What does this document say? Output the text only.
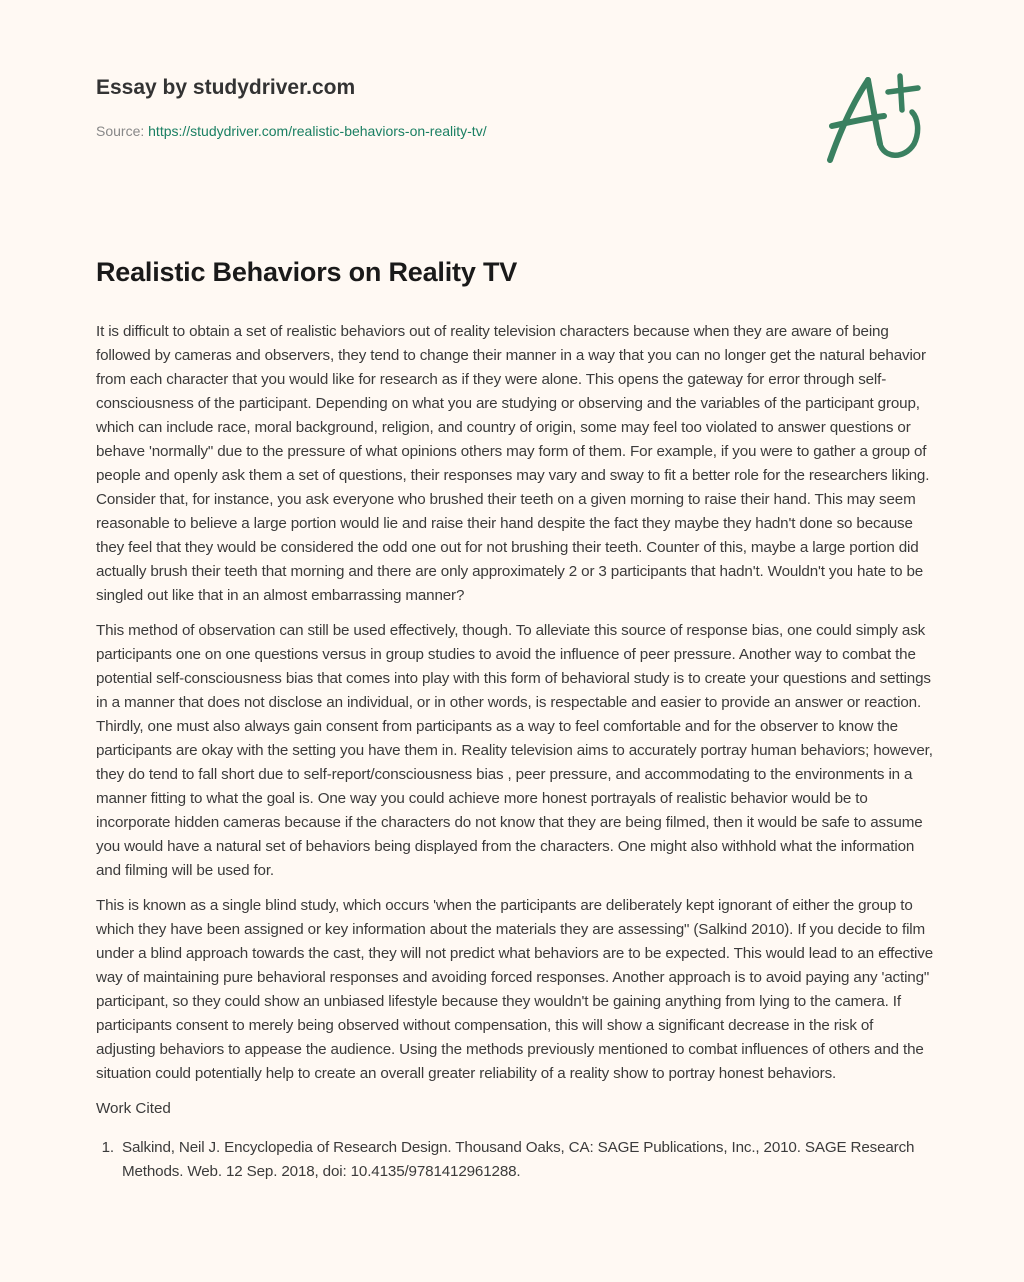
Essay by studydriver.com
Source: https://studydriver.com/realistic-behaviors-on-reality-tv/
Realistic Behaviors on Reality TV

It is difficult to obtain a set of realistic behaviors out of reality television characters because when they are aware of being followed by cameras and observers, they tend to change their manner in a way that you can no longer get the natural behavior from each character that you would like for research as if they were alone. This opens the gateway for error through self-consciousness of the participant. Depending on what you are studying or observing and the variables of the participant group, which can include race, moral background, religion, and country of origin, some may feel too violated to answer questions or behave 'normally" due to the pressure of what opinions others may form of them. For example, if you were to gather a group of people and openly ask them a set of questions, their responses may vary and sway to fit a better role for the researchers liking. Consider that, for instance, you ask everyone who brushed their teeth on a given morning to raise their hand. This may seem reasonable to believe a large portion would lie and raise their hand despite the fact they maybe they hadn't done so because they feel that they would be considered the odd one out for not brushing their teeth. Counter of this, maybe a large portion did actually brush their teeth that morning and there are only approximately 2 or 3 participants that hadn't. Wouldn't you hate to be singled out like that in an almost embarrassing manner?

This method of observation can still be used effectively, though. To alleviate this source of response bias, one could simply ask participants one on one questions versus in group studies to avoid the influence of peer pressure. Another way to combat the potential self-consciousness bias that comes into play with this form of behavioral study is to create your questions and settings in a manner that does not disclose an individual, or in other words, is respectable and easier to provide an answer or reaction. Thirdly, one must also always gain consent from participants as a way to feel comfortable and for the observer to know the participants are okay with the setting you have them in. Reality television aims to accurately portray human behaviors; however, they do tend to fall short due to self-report/consciousness bias , peer pressure, and accommodating to the environments in a manner fitting to what the goal is. One way you could achieve more honest portrayals of realistic behavior would be to incorporate hidden cameras because if the characters do not know that they are being filmed, then it would be safe to assume you would have a natural set of behaviors being displayed from the characters. One might also withhold what the information and filming will be used for.

This is known as a single blind study, which occurs 'when the participants are deliberately kept ignorant of either the group to which they have been assigned or key information about the materials they are assessing" (Salkind 2010). If you decide to film under a blind approach towards the cast, they will not predict what behaviors are to be expected. This would lead to an effective way of maintaining pure behavioral responses and avoiding forced responses. Another approach is to avoid paying any 'acting" participant, so they could show an unbiased lifestyle because they wouldn't be gaining anything from lying to the camera. If participants consent to merely being observed without compensation, this will show a significant decrease in the risk of adjusting behaviors to appease the audience. Using the methods previously mentioned to combat influences of others and the situation could potentially help to create an overall greater reliability of a reality show to portray honest behaviors.

Work Cited

1. Salkind, Neil J. Encyclopedia of Research Design. Thousand Oaks, CA: SAGE Publications, Inc., 2010. SAGE Research Methods. Web. 12 Sep. 2018, doi: 10.4135/9781412961288.
